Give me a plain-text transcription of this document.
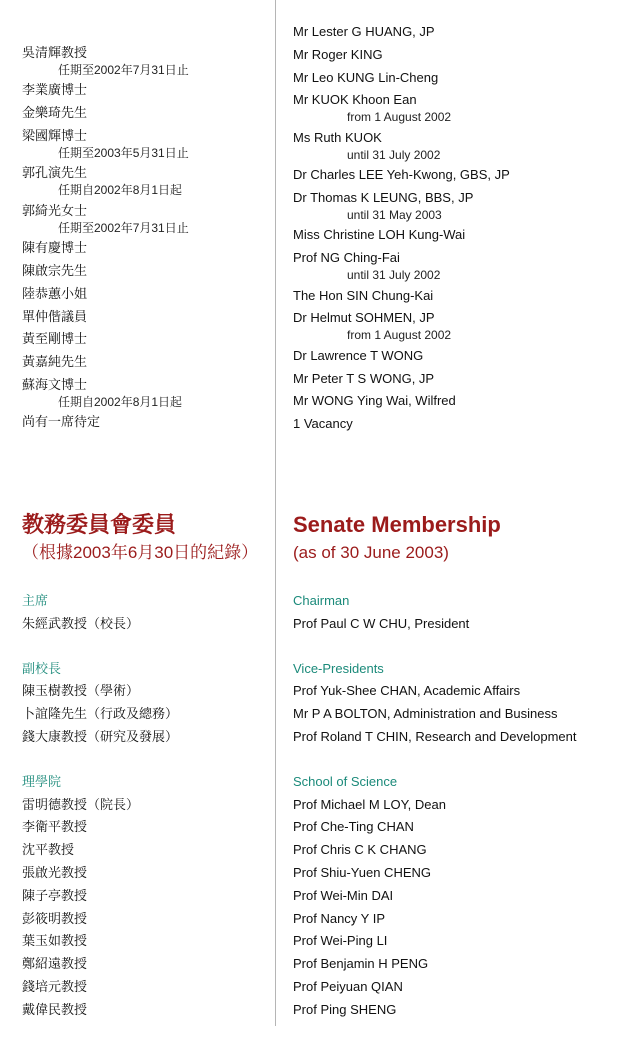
吳清輝教授
任期至2002年7月31日止
李業廣博士
金樂琦先生
梁國輝博士
任期至2003年5月31日止
郭孔演先生
任期自2002年8月1日起
郭綺光女士
任期至2002年7月31日止
陳有慶博士
陳啟宗先生
陸恭蕙小姐
單仲偕議員
黃至剛博士
黃嘉純先生
蘇海文博士
任期自2002年8月1日起
尚有一席待定
Mr Lester G HUANG, JP
Mr Roger KING
Mr Leo KUNG Lin-Cheng
Mr KUOK Khoon Ean
from 1 August 2002
Ms Ruth KUOK
until 31 July 2002
Dr Charles LEE Yeh-Kwong, GBS, JP
Dr Thomas K LEUNG, BBS, JP
until 31 May 2003
Miss Christine LOH Kung-Wai
Prof NG Ching-Fai
until 31 July 2002
The Hon SIN Chung-Kai
Dr Helmut SOHMEN, JP
from 1 August 2002
Dr Lawrence T WONG
Mr Peter T S WONG, JP
Mr WONG Ying Wai, Wilfred
1 Vacancy
教務委員會委員
（根據2003年6月30日的紀錄）
主席
朱經武教授（校長）
副校長
陳玉樹教授（學術）
卜誼隆先生（行政及總務）
錢大康教授（研究及發展）
理學院
雷明德教授（院長）
李衛平教授
沈平教授
張啟光教授
陳子亭教授
彭筱明教授
葉玉如教授
鄭紹遠教授
錢培元教授
戴偉民教授
Senate Membership
(as of 30 June 2003)
Chairman
Prof Paul C W CHU, President
Vice-Presidents
Prof Yuk-Shee CHAN, Academic Affairs
Mr P A BOLTON, Administration and Business
Prof Roland T CHIN, Research and Development
School of Science
Prof Michael M LOY, Dean
Prof Che-Ting CHAN
Prof Chris C K CHANG
Prof Shiu-Yuen CHENG
Prof Wei-Min DAI
Prof Nancy Y IP
Prof Wei-Ping LI
Prof Benjamin H PENG
Prof Peiyuan QIAN
Prof Ping SHENG
